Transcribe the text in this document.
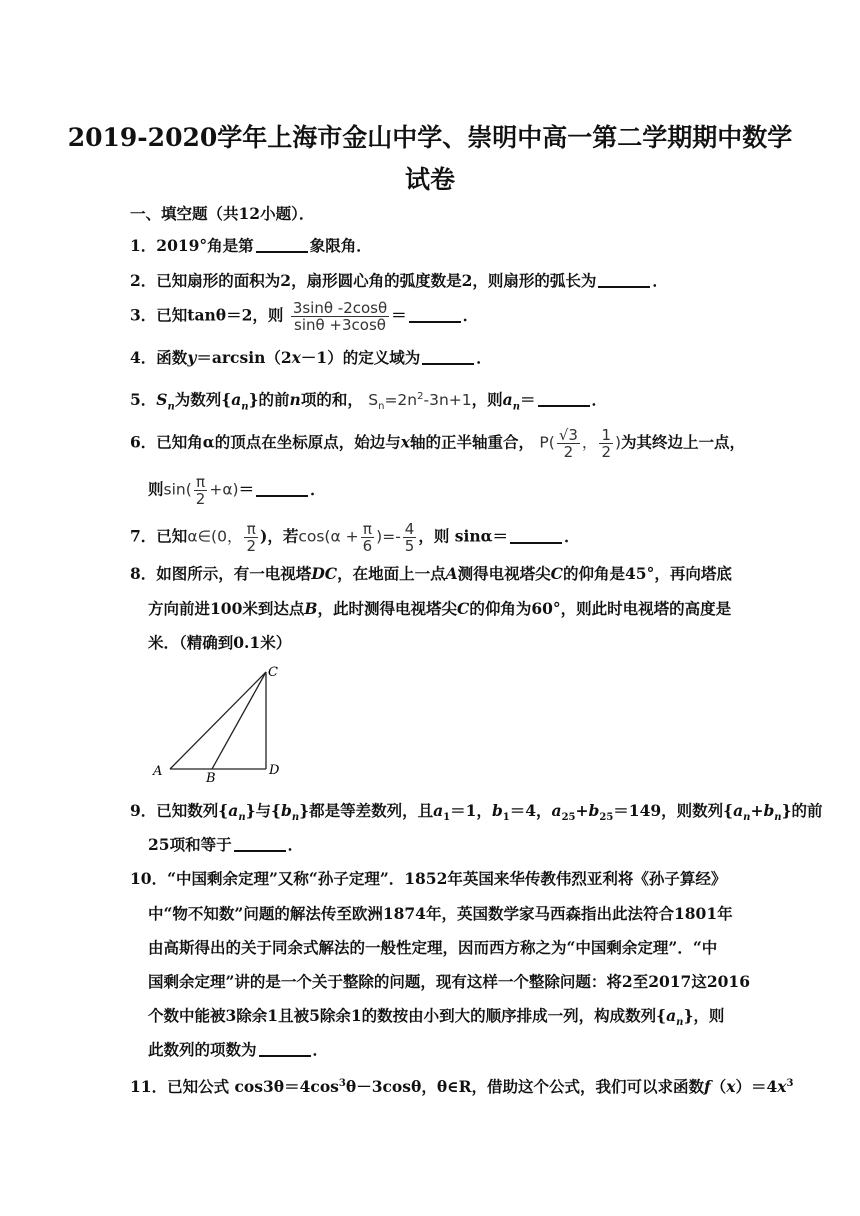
2019-2020学年上海市金山中学、崇明中高一第二学期期中数学
试卷
一、填空题（共12小题）．
1．2019°角是第	象限角．
2．已知扇形的面积为2，扇形圆心角的弧度数是2，则扇形的弧长为	．
3．已知tanθ＝2，则 $\frac{3\sin\theta -2\cos\theta}{\sin\theta +3\cos\theta}$ ＝	．
4．函数y＝arcsin（2x－1）的定义域为	．
5．$S_n$为数列$\{a_n\}$的前n项的和， $S_n=2n^2-3n+1$，则$a_n=$	．
6．已知角α的顶点在坐标原点，始边与x轴的正半轴重合， $P( \frac{√3}{2}$ ， $\frac{1}{2}$ )为其终边上一点，
则$\sin( \frac{\pi}{2} +\alpha)=$	．
7．已知α∈(0， $\frac{\pi}{2}$ )，若$\cos(\alpha + \frac{\pi}{6}$ )=- $\frac{4}{5}$ ，则 sinα＝	．
8．如图所示，有一电视塔DC，在地面上一点A测得电视塔尖C的仰角是45°，再向塔底
方向前进100米到达点B，此时测得电视塔尖C的仰角为60°，则此时电视塔的高度是
米．（精确到0.1米）
A	B
C
D
9．已知数列$\{a_n\}$与$\{b_n\}$都是等差数列，且$a_1=1$，$b_1=4$，$a_{25}+b_{25}=149$，则数列$\{a_n+b_n\}$的前
25项和等于	．
10．“中国剩余定理”又称“孙子定理”．1852年英国来华传教伟烈亚利将《孙子算经》
中“物不知数”问题的解法传至欧洲1874年，英国数学家马西森指出此法符合1801年
由高斯得出的关于同余式解法的一般性定理，因而西方称之为“中国剩余定理”．“中
国剩余定理”讲的是一个关于整除的问题，现有这样一个整除问题：将2至2017这2016
个数中能被3除余1且被5除余1的数按由小到大的顺序排成一列，构成数列$\{a_n\}$，则
此数列的项数为	．
11．已知公式 $\cos 3\theta=4\cos^3\theta-3\cos\theta$，θ∈R，借助这个公式，我们可以求函数$f(x)=4x^3$
